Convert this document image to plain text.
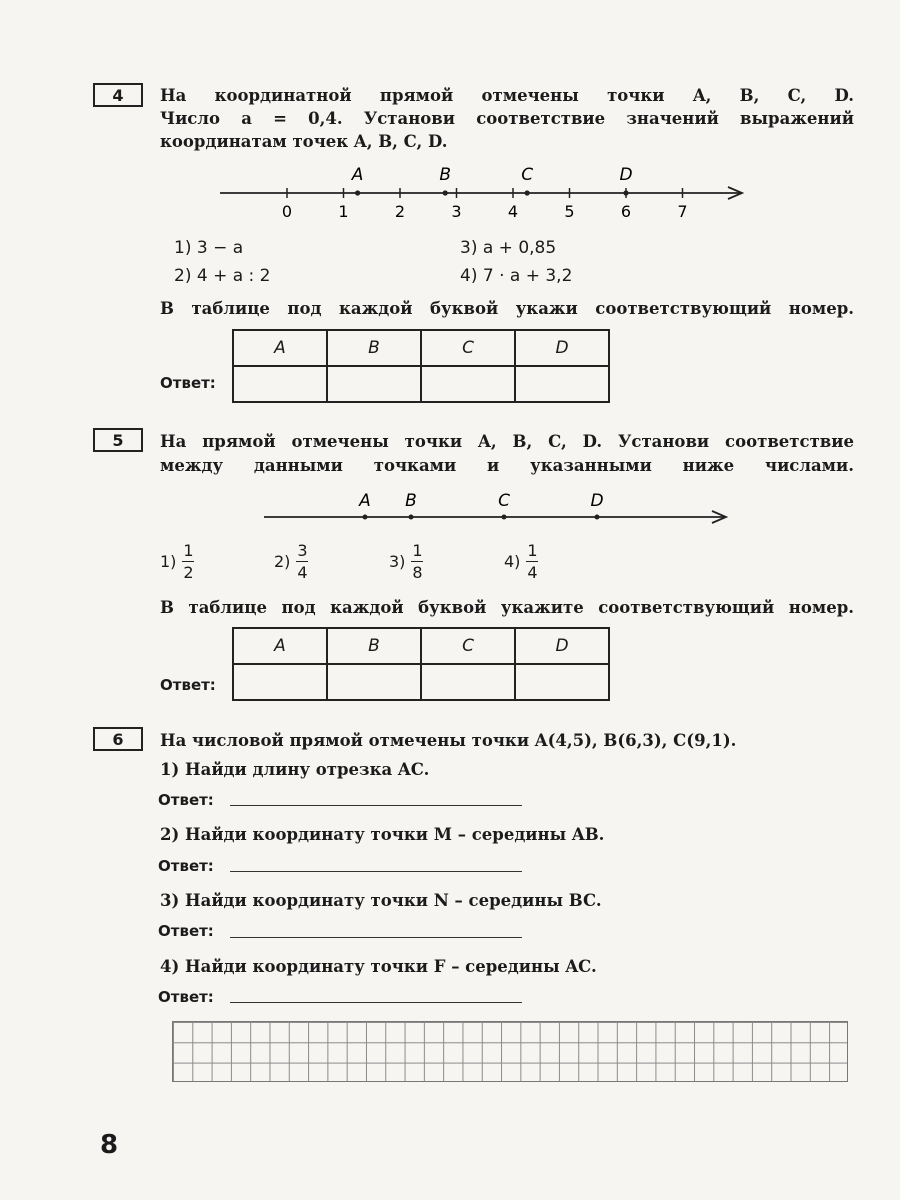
4	На координатной прямой отмечены точки A, B, C, D.

Число a = 0,4. Установи соответствие значений выражений

координатам точек A, B, C, D.

0	1	2	3	4	5	6	7
A	B	C	D
1) 3 − a
2) 4 + a : 2
3) a + 0,85
4) 7 · a + 3,2

В таблице под каждой буквой укажи соответствующий номер.

Ответ:
A	B	C	D

5	На прямой отмечены точки A, B, C, D. Установи соответствие

между данными точками и указанными ниже числами.

A B	C	D
1)
1
2
2)
3
4
3)
1
8
4)
1
4

В таблице под каждой буквой укажите соответствующий номер.

Ответ:
A	B	C	D

6	На числовой прямой отмечены точки A(4,5), B(6,3), C(9,1).

1) Найди длину отрезка AC.

Ответ:

2) Найди координату точки M – середины AB.

Ответ:

3) Найди координату точки N – середины BC.

Ответ:

4) Найди координату точки F – середины AC.

Ответ:
8
